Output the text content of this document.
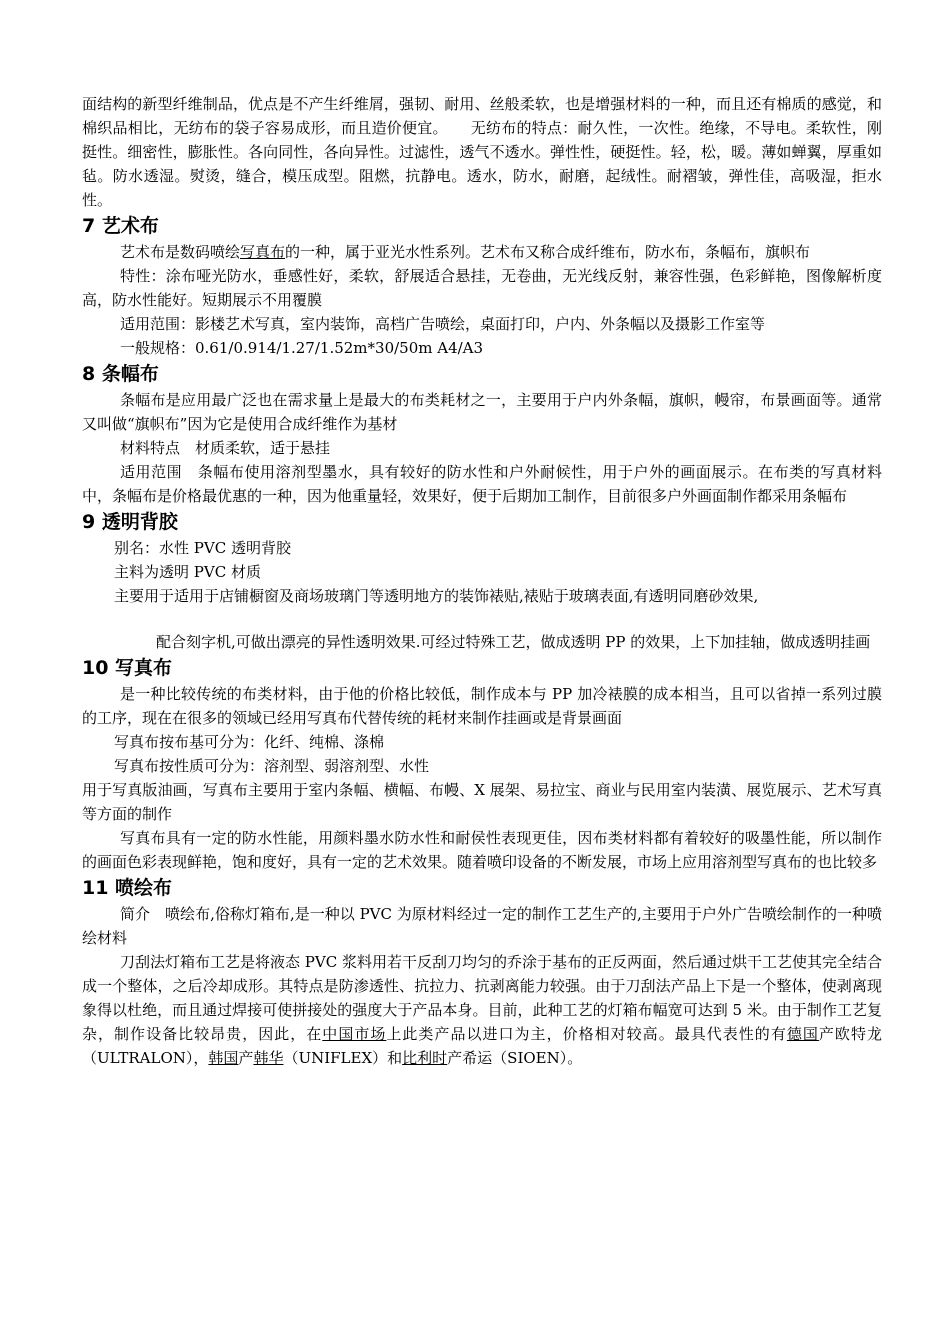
面结构的新型纤维制品，优点是不产生纤维屑，强韧、耐用、丝般柔软，也是增强材料的一种，而且还有棉质的感觉，和棉织品相比，无纺布的袋子容易成形，而且造价便宜。　　无纺布的特点：耐久性，一次性。绝缘，不导电。柔软性，刚挺性。细密性，膨胀性。各向同性，各向异性。过滤性，透气不透水。弹性性，硬挺性。轻，松，暖。薄如蝉翼，厚重如毡。防水透湿。熨烫，缝合，模压成型。阻燃，抗静电。透水，防水，耐磨，起绒性。耐褶皱，弹性佳，高吸湿，拒水性。

7 艺术布

艺术布是数码喷绘写真布的一种，属于亚光水性系列。艺术布又称合成纤维布，防水布，条幅布，旗帜布

特性：涂布哑光防水，垂感性好，柔软，舒展适合悬挂，无卷曲，无光线反射，兼容性强，色彩鲜艳，图像解析度高，防水性能好。短期展示不用覆膜

适用范围：影楼艺术写真，室内装饰，高档广告喷绘，桌面打印，户内、外条幅以及摄影工作室等

一般规格：0.61/0.914/1.27/1.52m*30/50m A4/A3

8 条幅布

条幅布是应用最广泛也在需求量上是最大的布类耗材之一，主要用于户内外条幅，旗帜，幔帘，布景画面等。通常又叫做“旗帜布”因为它是使用合成纤维作为基材

材料特点　材质柔软，适于悬挂

适用范围　条幅布使用溶剂型墨水，具有较好的防水性和户外耐候性，用于户外的画面展示。在布类的写真材料中，条幅布是价格最优惠的一种，因为他重量轻，效果好，便于后期加工制作，目前很多户外画面制作都采用条幅布

9 透明背胶

别名：水性 PVC 透明背胶

主料为透明 PVC 材质

主要用于适用于店铺橱窗及商场玻璃门等透明地方的装饰裱贴,裱贴于玻璃表面,有透明同磨砂效果,

配合刻字机,可做出漂亮的异性透明效果.可经过特殊工艺，做成透明 PP 的效果，上下加挂轴，做成透明挂画

10 写真布

是一种比较传统的布类材料，由于他的价格比较低，制作成本与 PP 加冷裱膜的成本相当，且可以省掉一系列过膜的工序，现在在很多的领域已经用写真布代替传统的耗材来制作挂画或是背景画面

写真布按布基可分为：化纤、纯棉、涤棉

写真布按性质可分为：溶剂型、弱溶剂型、水性

用于写真版油画，写真布主要用于室内条幅、横幅、布幔、X 展架、易拉宝、商业与民用室内装潢、展览展示、艺术写真等方面的制作

写真布具有一定的防水性能，用颜料墨水防水性和耐侯性表现更佳，因布类材料都有着较好的吸墨性能，所以制作的画面色彩表现鲜艳，饱和度好，具有一定的艺术效果。随着喷印设备的不断发展，市场上应用溶剂型写真布的也比较多

11 喷绘布

简介　喷绘布,俗称灯箱布,是一种以 PVC 为原材料经过一定的制作工艺生产的,主要用于户外广告喷绘制作的一种喷绘材料

刀刮法灯箱布工艺是将液态 PVC 浆料用若干反刮刀均匀的乔涂于基布的正反两面，然后通过烘干工艺使其完全结合成一个整体，之后冷却成形。其特点是防渗透性、抗拉力、抗剥离能力较强。由于刀刮法产品上下是一个整体，使剥离现象得以杜绝，而且通过焊接可使拼接处的强度大于产品本身。目前，此种工艺的灯箱布幅宽可达到 5 米。由于制作工艺复杂，制作设备比较昂贵，因此，在中国市场上此类产品以进口为主，价格相对较高。最具代表性的有德国产欧特龙（ULTRALON），韩国产韩华（UNIFLEX）和比利时产希运（SIOEN）。
